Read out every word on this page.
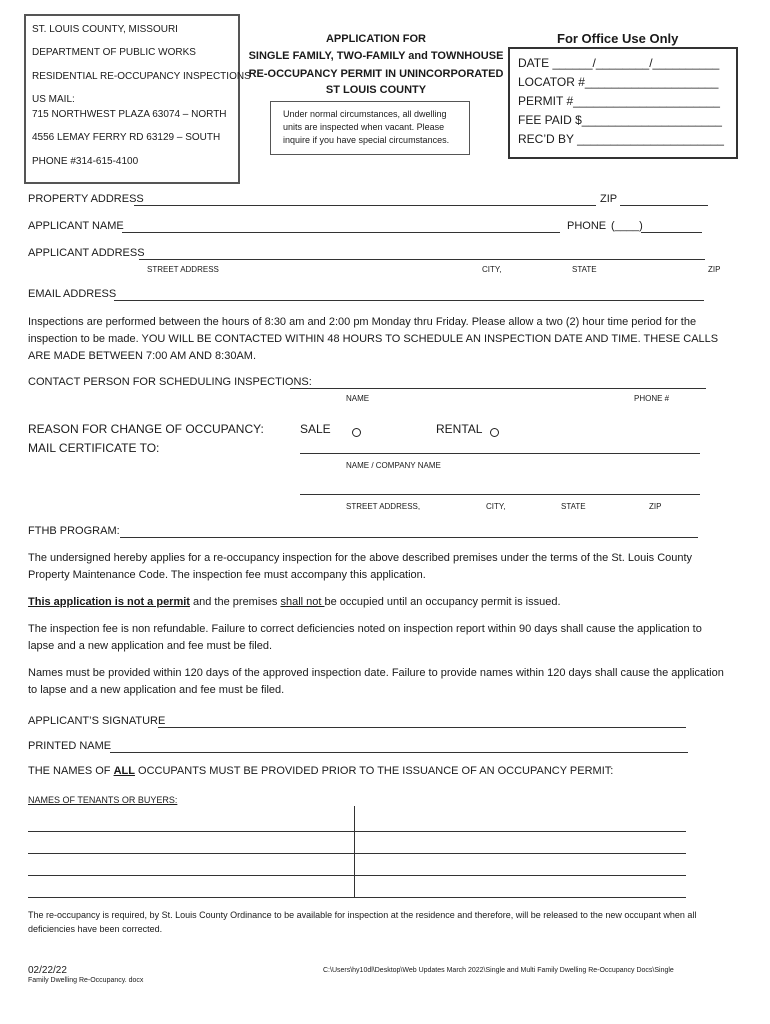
ST. LOUIS COUNTY, MISSOURI
DEPARTMENT OF PUBLIC WORKS
RESIDENTIAL RE-OCCUPANCY INSPECTIONS
US MAIL:
715 NORTHWEST PLAZA 63074 – NORTH
4556 LEMAY FERRY RD 63129 – SOUTH
PHONE #314-615-4100
APPLICATION FOR
SINGLE FAMILY, TWO-FAMILY and TOWNHOUSE
RE-OCCUPANCY PERMIT IN UNINCORPORATED
ST LOUIS COUNTY
Under normal circumstances, all dwelling units are inspected when vacant. Please inquire if you have special circumstances.
For Office Use Only
DATE ______/________/__________
LOCATOR #____________________
PERMIT #______________________
FEE PAID $_____________________
REC’D BY ______________________
PROPERTY ADDRESS	ZIP
APPLICANT NAME	PHONE (____)
APPLICANT ADDRESS
STREET ADDRESS	CITY,	STATE	ZIP
EMAIL ADDRESS
Inspections are performed between the hours of 8:30 am and 2:00 pm Monday thru Friday. Please allow a two (2) hour time period for the inspection to be made. YOU WILL BE CONTACTED WITHIN 48 HOURS TO SCHEDULE AN INSPECTION DATE AND TIME. THESE CALLS ARE MADE BETWEEN 7:00 AM AND 8:30AM.
CONTACT PERSON FOR SCHEDULING INSPECTIONS:
NAME	PHONE #
REASON FOR CHANGE OF OCCUPANCY:	SALE	RENTAL
MAIL CERTIFICATE TO:
NAME / COMPANY NAME
STREET ADDRESS,	CITY,	STATE	ZIP
FTHB PROGRAM:
The undersigned hereby applies for a re-occupancy inspection for the above described premises under the terms of the St. Louis County Property Maintenance Code. The inspection fee must accompany this application.
This application is not a permit and the premises shall not be occupied until an occupancy permit is issued.
The inspection fee is non refundable. Failure to correct deficiencies noted on inspection report within 90 days shall cause the application to lapse and a new application and fee must be filed.
Names must be provided within 120 days of the approved inspection date. Failure to provide names within 120 days shall cause the application to lapse and a new application and fee must be filed.
APPLICANT’S SIGNATURE
PRINTED NAME
THE NAMES OF ALL OCCUPANTS MUST BE PROVIDED PRIOR TO THE ISSUANCE OF AN OCCUPANCY PERMIT:
NAMES OF TENANTS OR BUYERS:
The re-occupancy is required, by St. Louis County Ordinance to be available for inspection at the residence and therefore, will be released to the new occupant when all deficiencies have been corrected.
02/22/22
Family Dwelling Re-Occupancy. docx
C:\Users\hy10dl\Desktop\Web Updates March 2022\Single and Multi Family Dwelling Re-Occupancy Docs\Single
